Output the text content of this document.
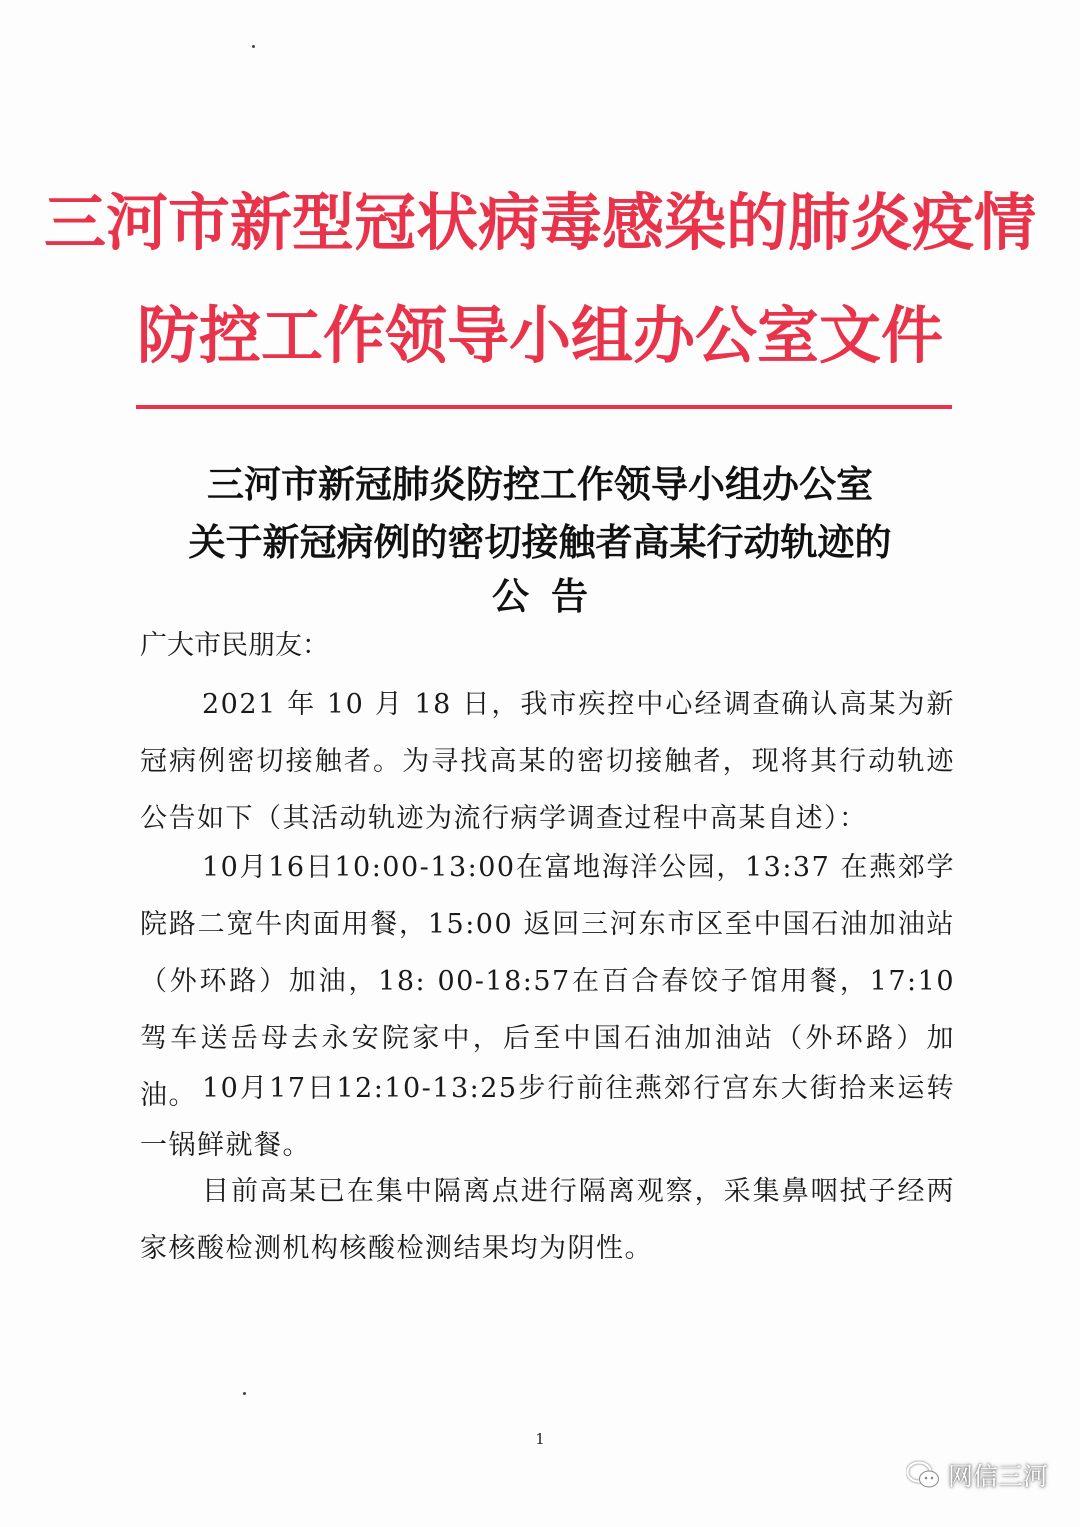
三河市新型冠状病毒感染的肺炎疫情
防控工作领导小组办公室文件
三河市新冠肺炎防控工作领导小组办公室
关于新冠病例的密切接触者高某行动轨迹的
公告
广大市民朋友：

2021 年 10 月 18 日，我市疾控中心经调查确认高某为新冠病例密切接触者。为寻找高某的密切接触者，现将其行动轨迹公告如下（其活动轨迹为流行病学调查过程中高某自述）：

10月16日10:00-13:00在富地海洋公园，13:37 在燕郊学院路二宽牛肉面用餐，15:00 返回三河东市区至中国石油加油站（外环路）加油，18: 00-18:57在百合春饺子馆用餐，17:10 驾车送岳母去永安院家中，后至中国石油加油站（外环路）加油。 10月17日12:10-13:25步行前往燕郊行宫东大街拾来运转一锅鲜就餐。

目前高某已在集中隔离点进行隔离观察，采集鼻咽拭子经两家核酸检测机构核酸检测结果均为阴性。

1
网信三河
